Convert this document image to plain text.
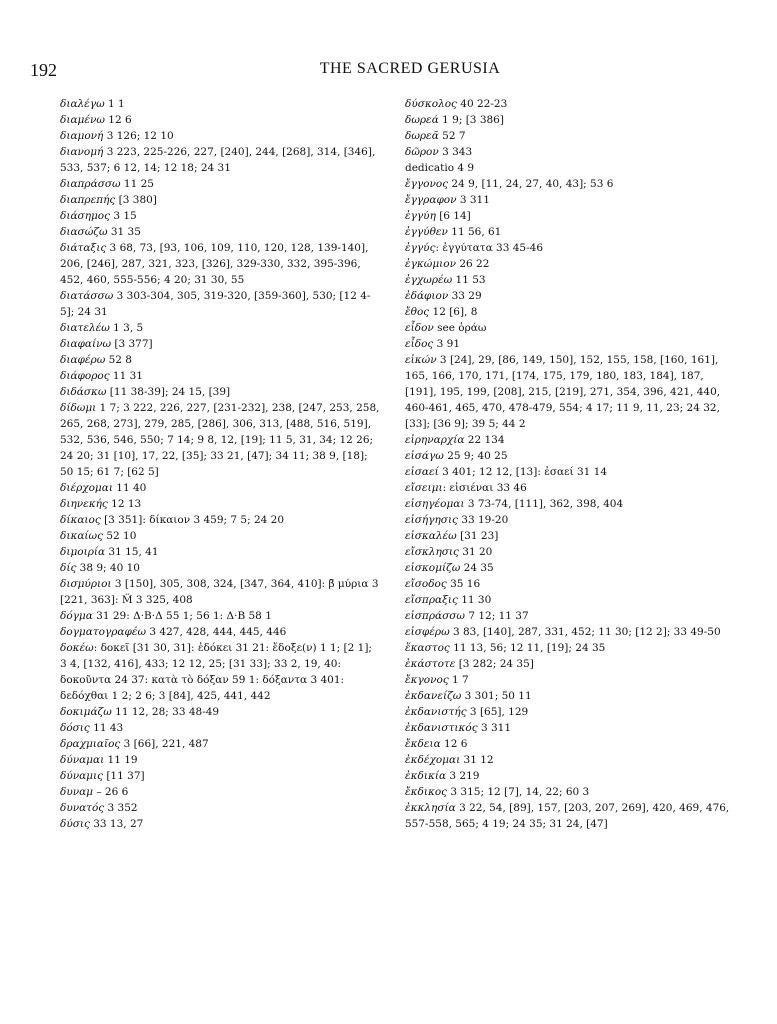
192	THE SACRED GERUSIA

διαλέγω 1 1

διαμένω 12 6

διαμονή 3 126; 12 10

διανομή 3 223, 225-226, 227, [240], 244, [268], 314, [346], 533, 537; 6 12, 14; 12 18; 24 31

διαπράσσω 11 25

διαπρεπής [3 380]

διάσημος 3 15

διασώζω 31 35

διάταξις 3 68, 73, [93, 106, 109, 110, 120, 128, 139-140], 206, [246], 287, 321, 323, [326], 329-330, 332, 395-396, 452, 460, 555-556; 4 20; 31 30, 55

διατάσσω 3 303-304, 305, 319-320, [359-360], 530; [12 4-5]; 24 31

διατελέω 1 3, 5

διαφαίνω [3 377]

διαφέρω 52 8

διάφορος 11 31

διδάσκω [11 38-39]; 24 15, [39]

δίδωμι 1 7; 3 222, 226, 227, [231-232], 238, [247, 253, 258, 265, 268, 273], 279, 285, [286], 306, 313, [488, 516, 519], 532, 536, 546, 550; 7 14; 9 8, 12, [19]; 11 5, 31, 34; 12 26; 24 20; 31 [10], 17, 22, [35]; 33 21, [47]; 34 11; 38 9, [18]; 50 15; 61 7; [62 5]

διέρχομαι 11 40

διηνεκής 12 13

δίκαιος [3 351]: δίκαιον 3 459; 7 5; 24 20

δικαίως 52 10

διμοιρία 31 15, 41

δίς 38 9; 40 10

δισμύριοι 3 [150], 305, 308, 324, [347, 364, 410]: β̄ μύρια 3 [221, 363]: M̈ 3 325, 408

δόγμα 31 29: Δ·Β·Δ 55 1; 56 1: Δ·Β 58 1

δογματογραφέω 3 427, 428, 444, 445, 446

δοκέω: δοκεῖ [31 30, 31]: ἐδόκει 31 21: ἔδοξε(ν) 1 1; [2 1]; 3 4, [132, 416], 433; 12 12, 25; [31 33]; 33 2, 19, 40: δοκοῦντα 24 37: κατὰ τὸ δόξαν 59 1: δόξαντα 3 401: δεδόχθαι 1 2; 2 6; 3 [84], 425, 441, 442

δοκιμάζω 11 12, 28; 33 48-49

δόσις 11 43

δραχμιαῖος 3 [66], 221, 487

δύναμαι 11 19

δύναμις [11 37]

δυναμ – 26 6

δυνατός 3 352

δύσις 33 13, 27

δύσκολος 40 22-23

δωρεά 1 9; [3 386]

δωρεᾶ 52 7

δῶρον 3 343

dedicatio 4 9

ἔγγονος 24 9, [11, 24, 27, 40, 43]; 53 6

ἔγγραφον 3 311

ἐγγύη [6 14]

ἐγγύθεν 11 56, 61

ἐγγύς: ἐγγύτατα 33 45-46

ἐγκώμιον 26 22

ἐγχωρέω 11 53

ἐδάφιον 33 29

ἔθος 12 [6], 8

εἶδον see ὁράω

εἶδος 3 91

εἰκών 3 [24], 29, [86, 149, 150], 152, 155, 158, [160, 161], 165, 166, 170, 171, [174, 175, 179, 180, 183, 184], 187, [191], 195, 199, [208], 215, [219], 271, 354, 396, 421, 440, 460-461, 465, 470, 478-479, 554; 4 17; 11 9, 11, 23; 24 32, [33]; [36 9]; 39 5; 44 2

εἰρηναρχία 22 134

εἰσάγω 25 9; 40 25

εἰσαεί 3 401; 12 12, [13]: ἐσαεί 31 14

εἴσειμι: εἰσιέναι 33 46

εἰσηγέομαι 3 73-74, [111], 362, 398, 404

εἰσήγησις 33 19-20

εἰσκαλέω [31 23]

εἴσκλησις 31 20

εἰσκομίζω 24 35

εἴσοδος 35 16

εἴσπραξις 11 30

εἰσπράσσω 7 12; 11 37

εἰσφέρω 3 83, [140], 287, 331, 452; 11 30; [12 2]; 33 49-50

ἕκαστος 11 13, 56; 12 11, [19]; 24 35

ἑκάστοτε [3 282; 24 35]

ἔκγονος 1 7

ἐκδανείζω 3 301; 50 11

ἐκδανιστής 3 [65], 129

ἐκδανιστικός 3 311

ἔκδεια 12 6

ἐκδέχομαι 31 12

ἐκδικία 3 219

ἔκδικος 3 315; 12 [7], 14, 22; 60 3

ἐκκλησία 3 22, 54, [89], 157, [203, 207, 269], 420, 469, 476, 557-558, 565; 4 19; 24 35; 31 24, [47]
